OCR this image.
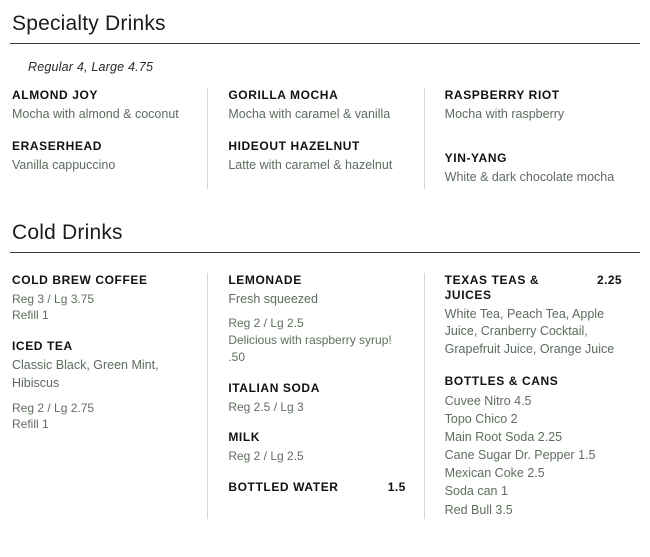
Specialty Drinks
Regular 4, Large 4.75
ALMOND JOY
Mocha with almond & coconut
ERASERHEAD
Vanilla cappuccino
GORILLA MOCHA
Mocha with caramel & vanilla
HIDEOUT HAZELNUT
Latte with caramel & hazelnut
RASPBERRY RIOT
Mocha with raspberry
YIN-YANG
White & dark chocolate mocha
Cold Drinks
COLD BREW COFFEE
Reg 3 / Lg 3.75
Refill 1
ICED TEA
Classic Black, Green Mint, Hibiscus
Reg 2 / Lg 2.75
Refill 1
LEMONADE
Fresh squeezed
Reg 2 / Lg 2.5
Delicious with raspberry syrup! .50
ITALIAN SODA
Reg 2.5 / Lg 3
MILK
Reg 2 / Lg 2.5
BOTTLED WATER	1.5
TEXAS TEAS & JUICES
2.25
White Tea, Peach Tea, Apple Juice, Cranberry Cocktail, Grapefruit Juice, Orange Juice
BOTTLES & CANS
Cuvee Nitro 4.5
Topo Chico 2
Main Root Soda 2.25
Cane Sugar Dr. Pepper 1.5
Mexican Coke 2.5
Soda can 1
Red Bull 3.5
